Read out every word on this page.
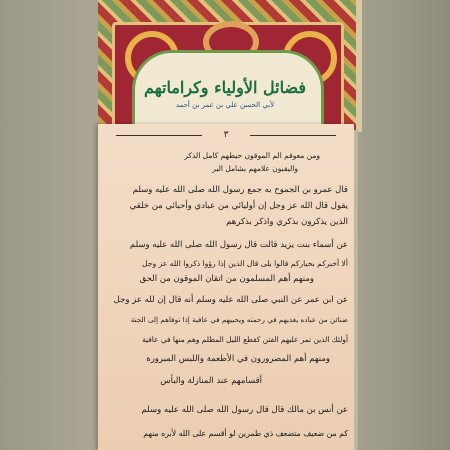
فضائل الأولياء وكراماتهم
لأبي الحسن علي بن عمر بن أحمد
٣
ومن معوقم الم الموقون حيطهم كامل الذكر
واليقبون علامهم بشامل البر
قال عمرو بن الجموح به جمع رسول الله صلى الله عليه وسلم
يقول قال الله عز وجل إن أوليائي من عبادي وأحبائي من خلقي
الذين يذكرون بذكري واذكر بذكرهم
عن أسماء بنت يزيد قالت قال رسول الله صلى الله عليه وسلم
ألا أخبركم بخياركم قالوا بلى قال الذين إذا رؤوا ذكروا الله عز وجل
ومنهم أهم المسلمون من اتقان الموقون من الحق
عن ابن عمر عن النبي صلى الله عليه وسلم أنه قال إن لله عز وجل
ضنائن من عباده يغذيهم في رحمته ويحييهم في عافية إذا توفاهم إلى الجنة
أولئك الذين تمر عليهم الفتن كقطع الليل المظلم وهم منها في عافية
ومنهم أهم المصرورون في الأطعمة واللبس المبرورة
أقسامهم عند المنازلة والبأس
عن أنس بن مالك قال قال رسول الله صلى الله عليه وسلم
كم من ضعيف متضعف ذي طمرين لو أقسم على الله لأبره منهم
